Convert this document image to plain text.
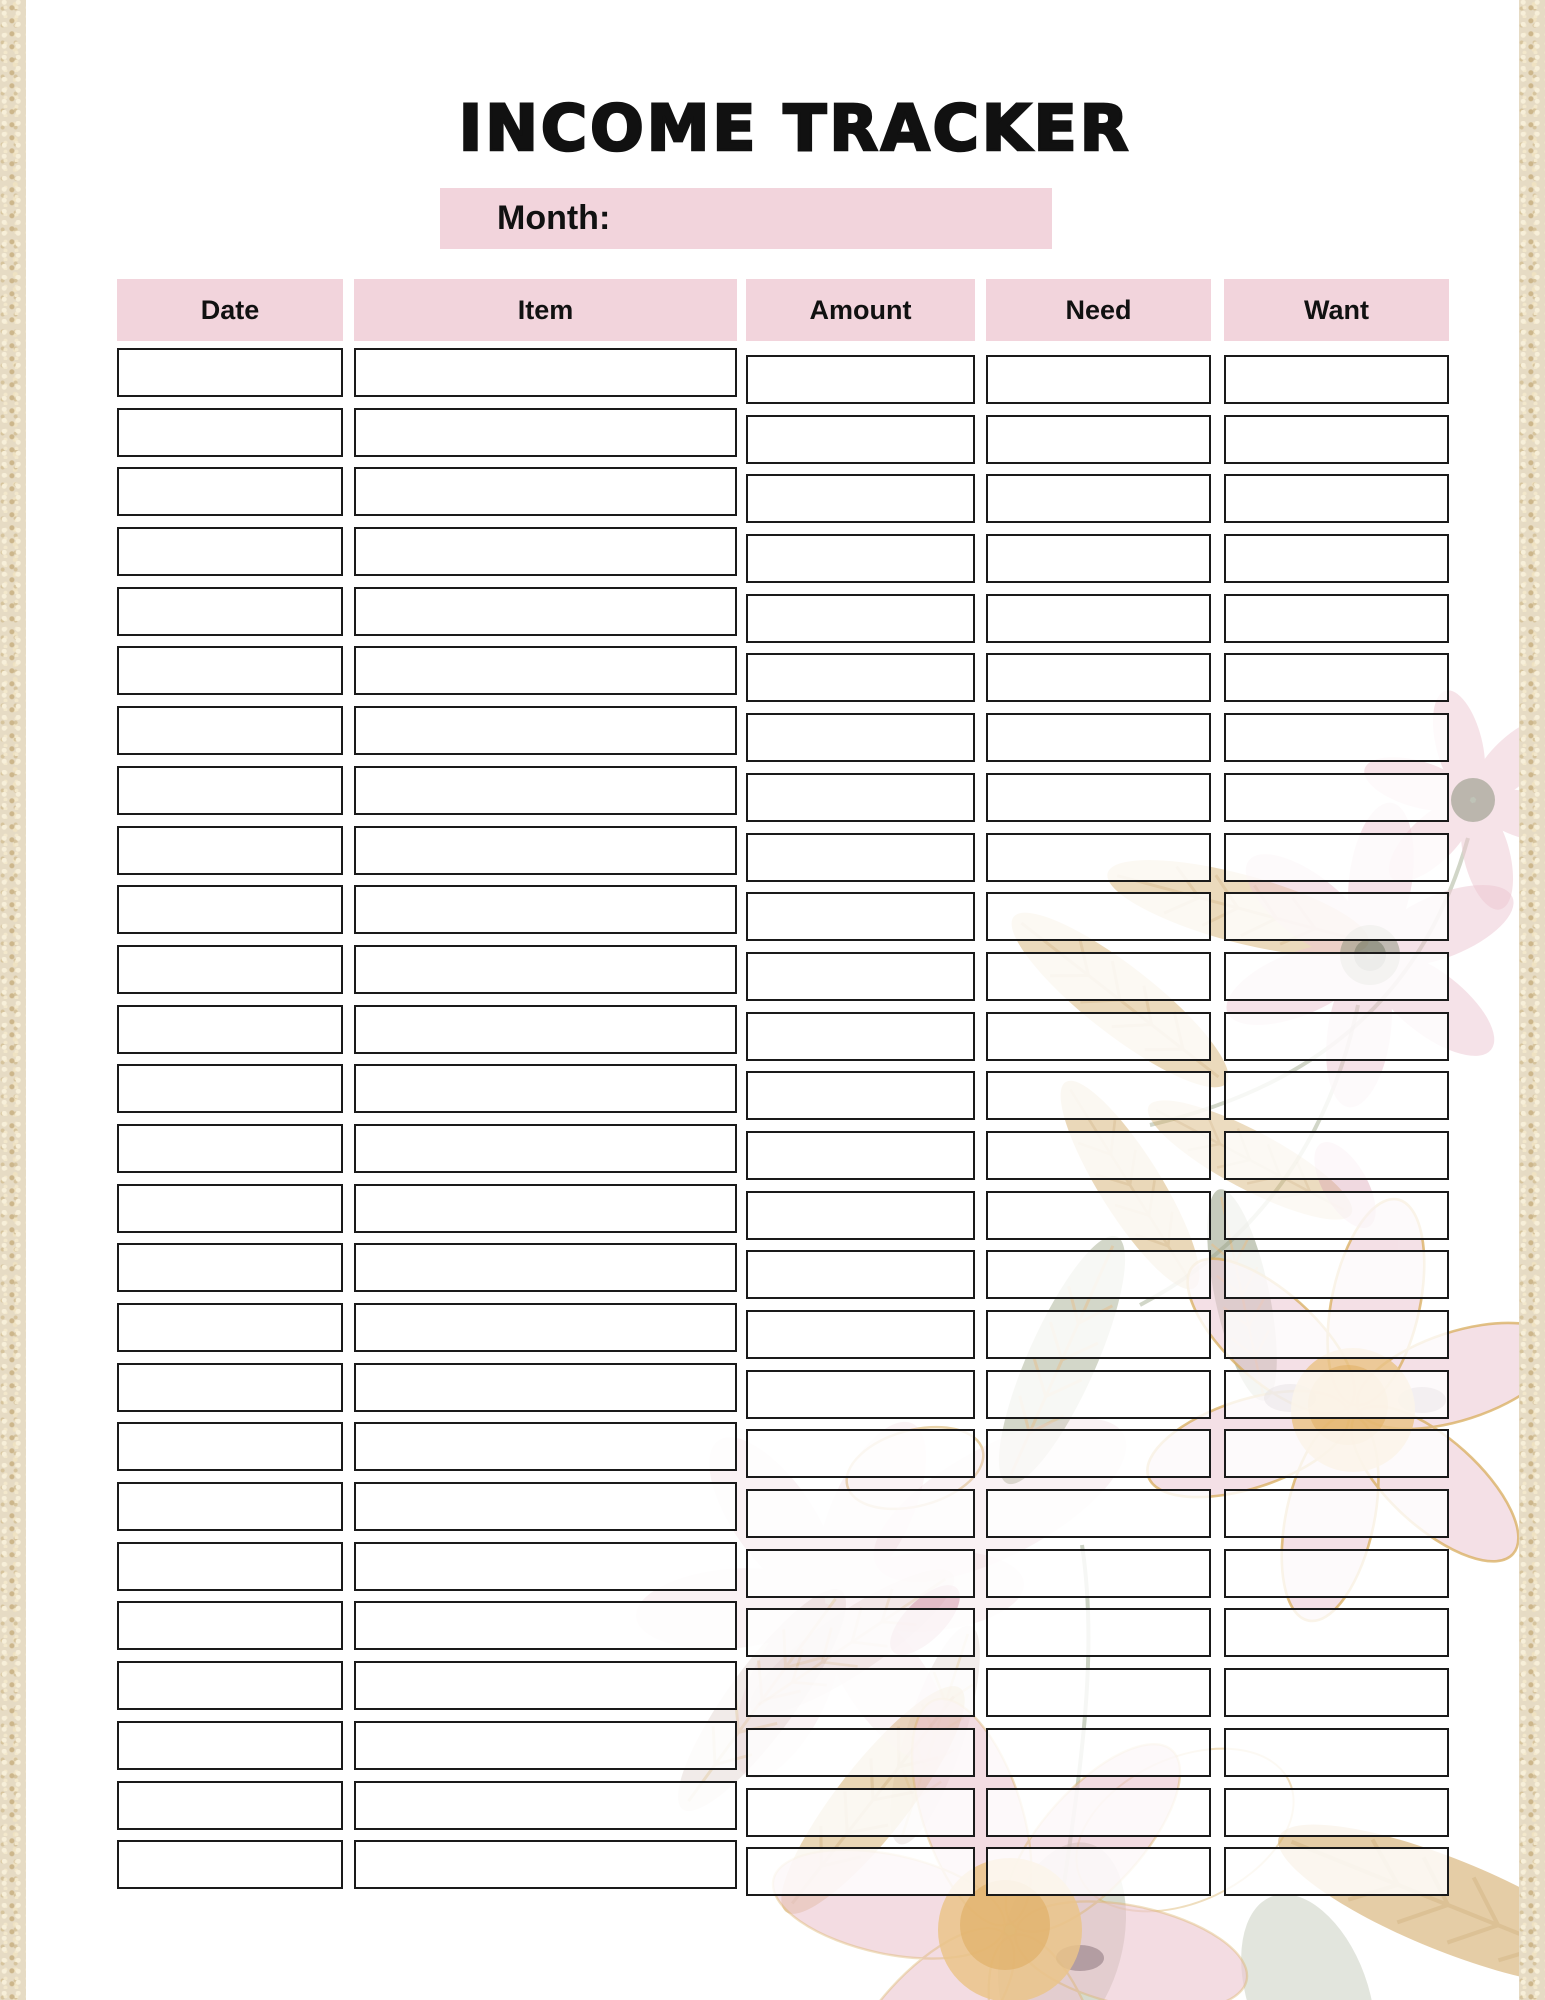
INCOME TRACKER
Month:
Date	Item	Amount	Need	Want
